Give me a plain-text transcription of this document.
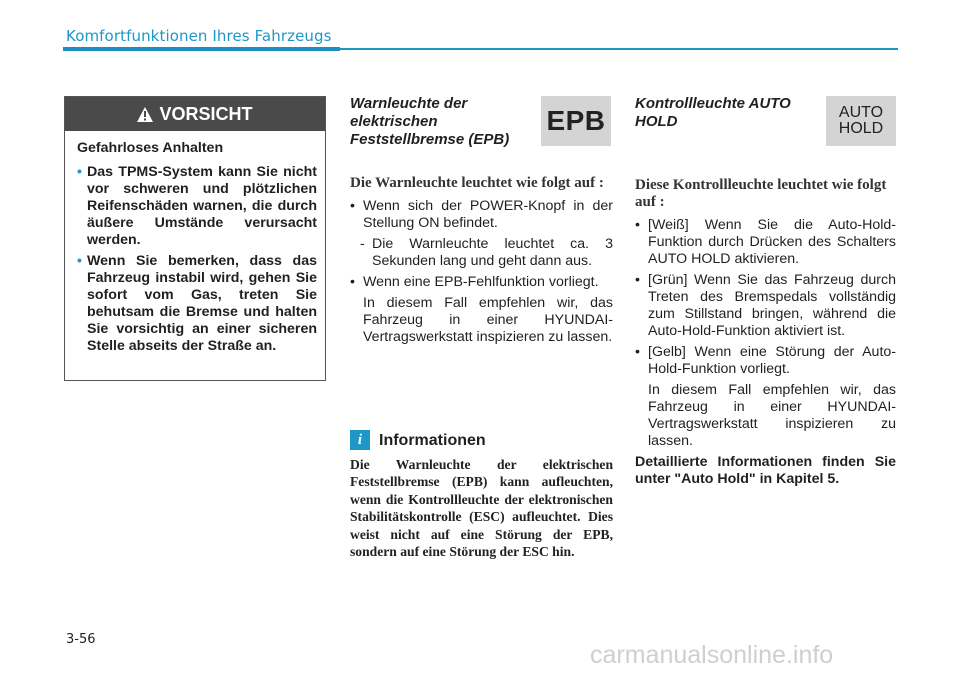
Komfortfunktionen Ihres Fahrzeugs
VORSICHT
Gefahrloses Anhalten
• Das TPMS-System kann Sie nicht vor schweren und plötzlichen Reifenschäden warnen, die durch äußere Umstände verursacht werden.
• Wenn Sie bemerken, dass das Fahrzeug instabil wird, gehen Sie sofort vom Gas, treten Sie behutsam die Bremse und halten Sie vorsichtig an einer sicheren Stelle abseits der Straße an.
Warnleuchte der
elektrischen
Feststellbremse (EPB)
EPB
Die Warnleuchte leuchtet wie folgt auf :
• Wenn sich der POWER-Knopf in der Stellung ON befindet.
- Die Warnleuchte leuchtet ca. 3 Sekunden lang und geht dann aus.
• Wenn eine EPB-Fehlfunktion vorliegt.
In diesem Fall empfehlen wir, das Fahrzeug in einer HYUNDAI-Vertragswerkstatt inspizieren zu lassen.
i	Informationen
Die Warnleuchte der elektrischen Feststellbremse (EPB) kann aufleuchten, wenn die Kontrollleuchte der elektronischen Stabilitätskontrolle (ESC) aufleuchtet. Dies weist nicht auf eine Störung der EPB, sondern auf eine Störung der ESC hin.
Kontrollleuchte AUTO
HOLD
AUTO
HOLD
Diese Kontrollleuchte leuchtet wie folgt auf :
• [Weiß] Wenn Sie die Auto-Hold-Funktion durch Drücken des Schalters AUTO HOLD aktivieren.
• [Grün] Wenn Sie das Fahrzeug durch Treten des Bremspedals vollständig zum Stillstand bringen, während die Auto-Hold-Funktion aktiviert ist.
• [Gelb] Wenn eine Störung der Auto-Hold-Funktion vorliegt.
In diesem Fall empfehlen wir, das Fahrzeug in einer HYUNDAI-Vertragswerkstatt inspizieren zu lassen.
Detaillierte Informationen finden Sie unter "Auto Hold" in Kapitel 5.
3-56
carmanualsonline.info
